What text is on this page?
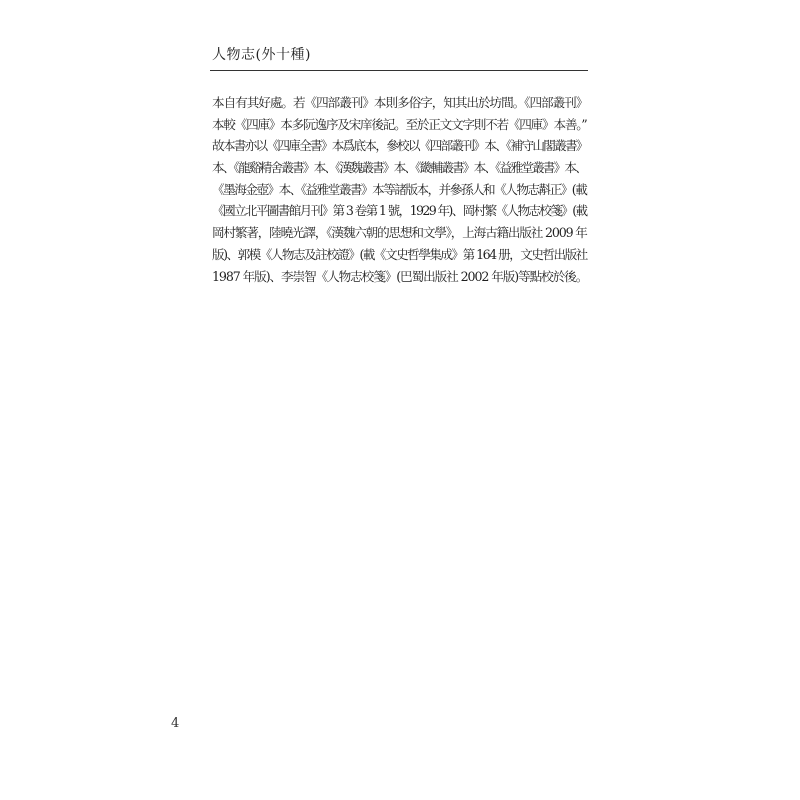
人物志(外十種)
本自有其好處。若《四部叢刊》本則多俗字，知其出於坊間。《四部叢刊》
本較《四庫》本多阮逸序及宋庠後記。至於正文文字則不若《四庫》本善。”
故本書亦以《四庫全書》本爲底本，參校以《四部叢刊》本、《補守山閣叢書》
本、《龍谿精舍叢書》本、《漢魏叢書》本、《畿輔叢書》本、《益雅堂叢書》本、
《墨海金壺》本、《益雅堂叢書》本等諸版本，并參孫人和《人物志斠正》(載
《國立北平圖書館月刊》第 3 卷第 1 號，1929 年)、岡村繁《人物志校箋》(載
岡村繁著，陸曉光譯，《漢魏六朝的思想和文學》，上海古籍出版社 2009 年
版)、郭模《人物志及註校證》(載《文史哲學集成》第 164 册，文史哲出版社
1987 年版)、李崇智《人物志校箋》(巴蜀出版社 2002 年版)等點校於後。
4
